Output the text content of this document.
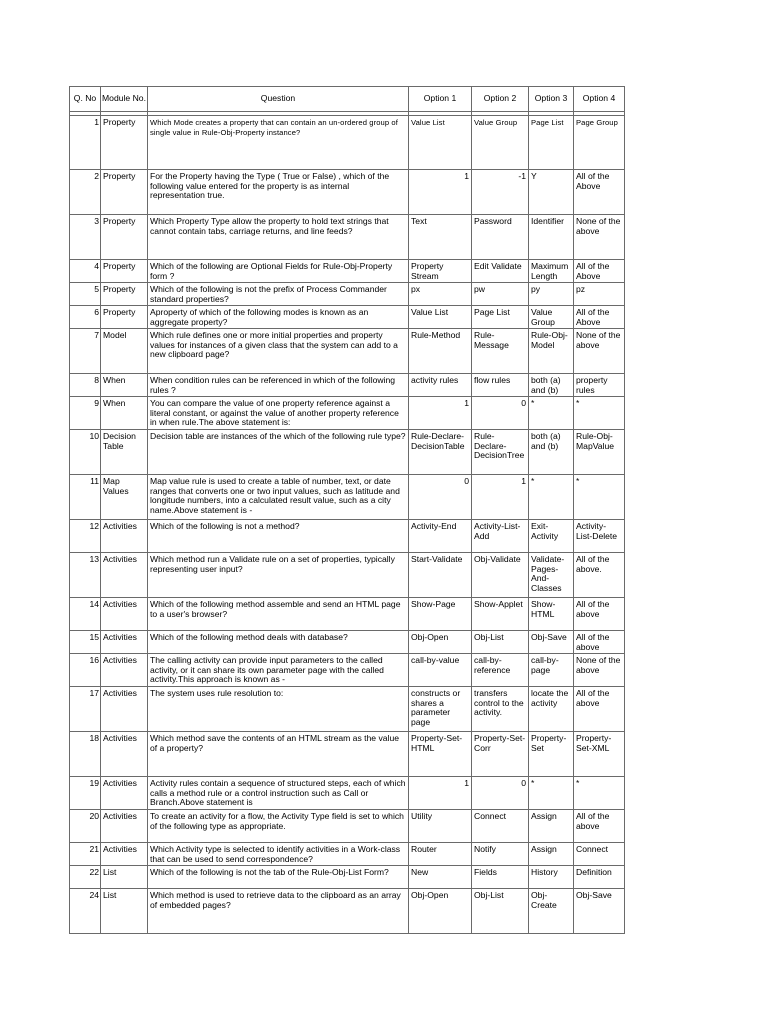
Q. No	Module No.	Question	Option 1	Option 2	Option 3	Option 4

1	Property	Which Mode creates a property that can contain an un-ordered group of single value in Rule-Obj-Property instance?	Value List	Value Group	Page List	Page Group
2	Property	For the Property having the Type ( True or False) , which of the following value entered for the property is as internal representation true.	1	-1	Y	All of the Above
3	Property	Which Property Type allow the property to hold text strings that cannot contain tabs, carriage returns, and line feeds?	Text	Password	Identifier	None of the above
4	Property	Which of the following are Optional Fields for Rule-Obj-Property form ?	Property Stream	Edit Validate	Maximum Length	All of the Above
5	Property	Which of the following is not the prefix of Process Commander standard properties?	px	pw	py	pz
6	Property	Aproperty of which of the following modes is known as an aggregate property?	Value List	Page List	Value Group	All of the Above
7	Model	Which rule defines one or more initial properties and property values for instances of a given class that the system can add to a new clipboard page?	Rule-Method	Rule-Message	Rule-Obj-Model	None of the above
8	When	When condition rules can be referenced in which of the following rules ?	activity rules	flow rules	both (a) and (b)	property rules
9	When	You can compare the value of one property reference against a literal constant, or against the value of another property reference in when rule.The above statement is:	1	0	*	*
10	Decision Table	Decision table are instances of the which of the following rule type?	Rule-Declare-DecisionTable	Rule-Declare-DecisionTree	both (a) and (b)	Rule-Obj-MapValue
11	Map Values	Map value rule is used to create a table of number, text, or date ranges that converts one or two input values, such as latitude and longitude numbers, into a calculated result value, such as a city name.Above statement is -	0	1	*	*
12	Activities	Which of the following is not a method?	Activity-End	Activity-List-Add	Exit-Activity	Activity-List-Delete
13	Activities	Which method run a Validate rule on a set of properties, typically representing user input?	Start-Validate	Obj-Validate	Validate-Pages-And-Classes	All of the above.
14	Activities	Which of the following method assemble and send an HTML page to a user's browser?	Show-Page	Show-Applet	Show-HTML	All of the above
15	Activities	Which of the following method deals with database?	Obj-Open	Obj-List	Obj-Save	All of the above
16	Activities	The calling activity can provide input parameters to the called activity, or it can share its own parameter page with the called activity.This approach is known as -	call-by-value	call-by-reference	call-by-page	None of the above
17	Activities	The system uses rule resolution to:	constructs or shares a parameter page	transfers control to the activity.	locate the activity	All of the above
18	Activities	Which method save the contents of an HTML stream as the value of a property?	Property-Set-HTML	Property-Set-Corr	Property-Set	Property-Set-XML
19	Activities	Activity rules contain a sequence of structured steps, each of which calls a method rule or a control instruction such as Call or Branch.Above statement is	1	0	*	*
20	Activities	To create an activity for a flow, the Activity Type field is set to which of the following type as appropriate.	Utility	Connect	Assign	All of the above
21	Activities	Which Activity type is selected to identify activities in a Work-class that can be used to send correspondence?	Router	Notify	Assign	Connect
22	List	Which of the following is not the tab of the Rule-Obj-List Form?	New	Fields	History	Definition
24	List	Which method is used to retrieve data to the clipboard as an array of embedded pages?	Obj-Open	Obj-List	Obj-Create	Obj-Save
